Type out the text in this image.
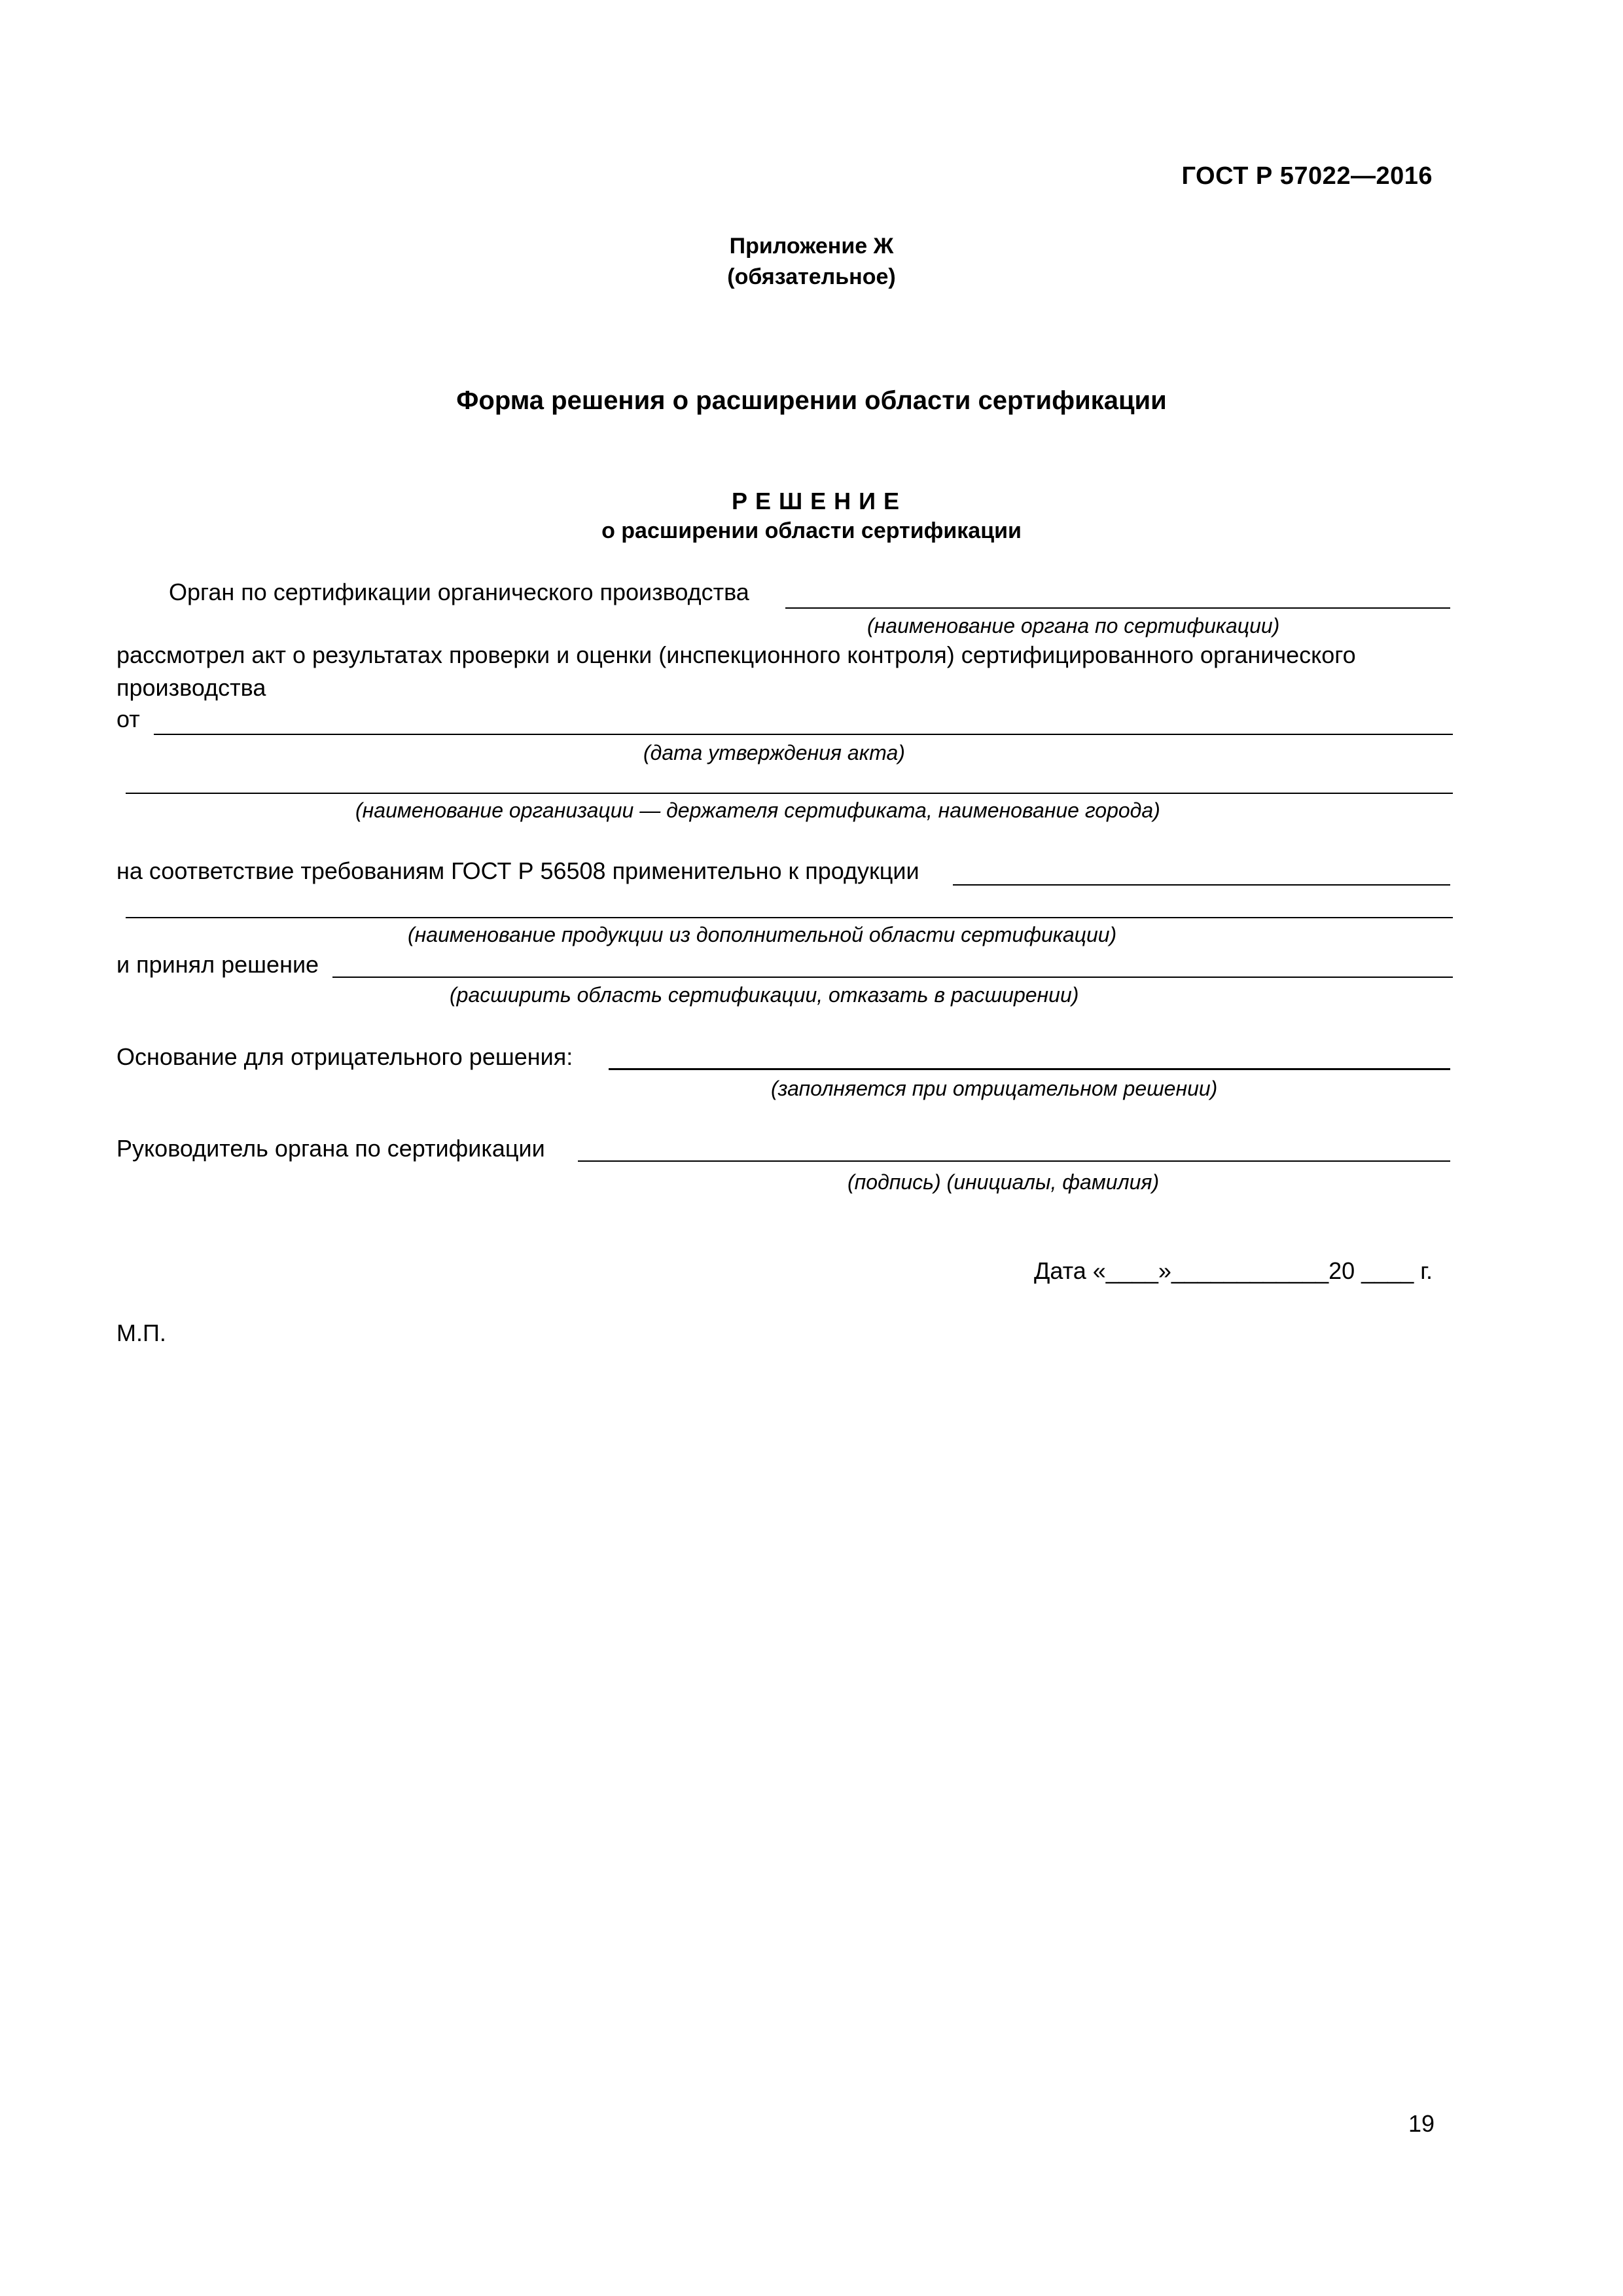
ГОСТ Р 57022—2016
Приложение Ж
(обязательное)
Форма решения о расширении области сертификации
РЕШЕНИЕ
о расширении области сертификации
Орган по сертификации органического производства
(наименование органа по сертификации)
рассмотрел акт о результатах проверки и оценки (инспекционного контроля) сертифицированного органического
производства
от
(дата утверждения акта)
(наименование организации — держателя сертификата, наименование города)
на соответствие требованиям ГОСТ Р 56508 применительно к продукции
(наименование продукции из дополнительной области сертификации)
и принял решение
(расширить область сертификации, отказать в расширении)
Основание для отрицательного решения:
(заполняется при отрицательном решении)
Руководитель органа по сертификации
(подпись) (инициалы, фамилия)
Дата «____»____________20 ____ г.
М.П.
19
